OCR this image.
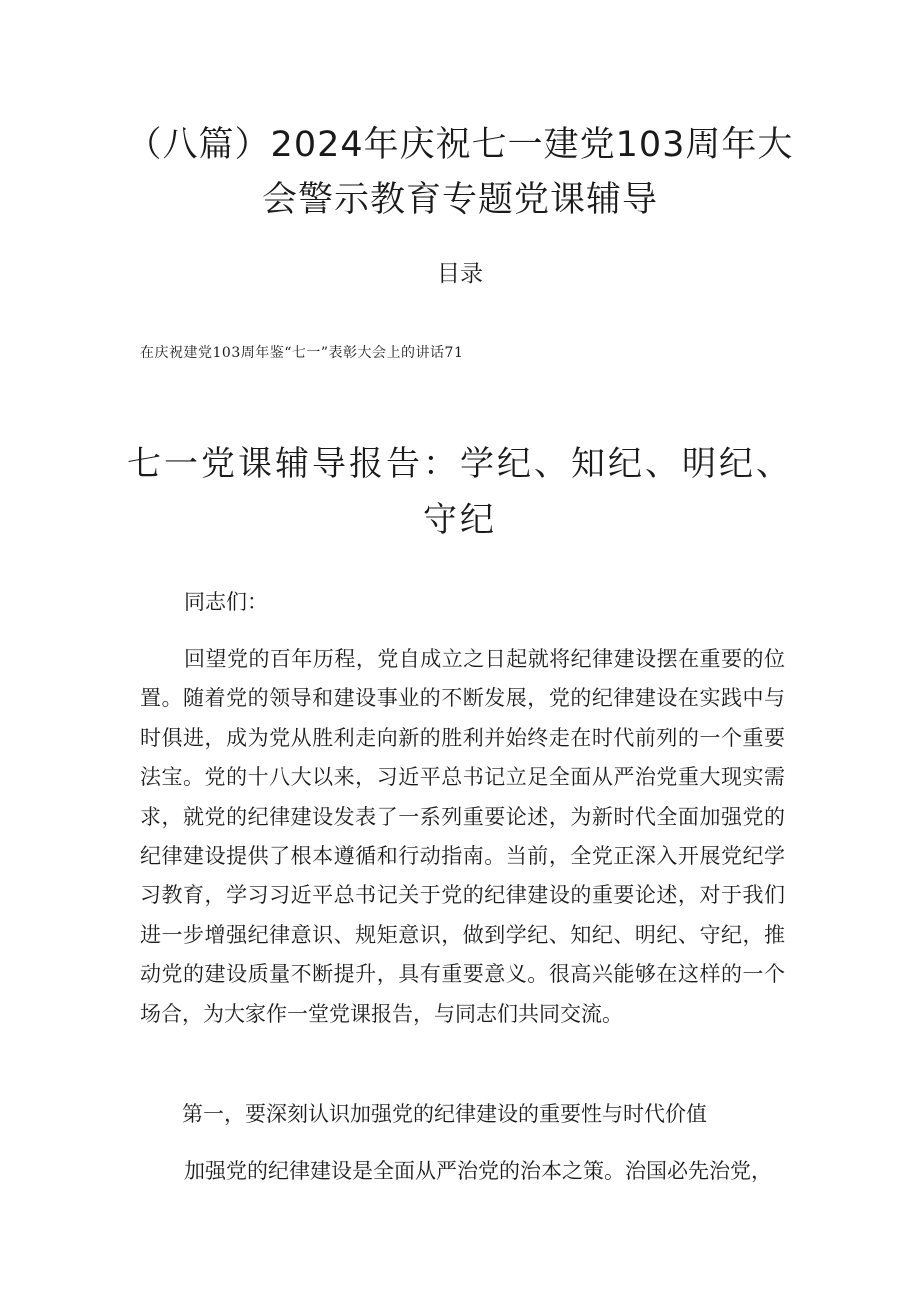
（八篇）2024年庆祝七一建党103周年大会警示教育专题党课辅导
目录
在庆祝建党103周年鉴“七一”表彰大会上的讲话71
七一党课辅导报告：学纪、知纪、明纪、守纪

同志们：

回望党的百年历程，党自成立之日起就将纪律建设摆在重要的位置。随着党的领导和建设事业的不断发展，党的纪律建设在实践中与时俱进，成为党从胜利走向新的胜利并始终走在时代前列的一个重要法宝。党的十八大以来，习近平总书记立足全面从严治党重大现实需求，就党的纪律建设发表了一系列重要论述，为新时代全面加强党的纪律建设提供了根本遵循和行动指南。当前，全党正深入开展党纪学习教育，学习习近平总书记关于党的纪律建设的重要论述，对于我们进一步增强纪律意识、规矩意识，做到学纪、知纪、明纪、守纪，推动党的建设质量不断提升，具有重要意义。很高兴能够在这样的一个场合，为大家作一堂党课报告，与同志们共同交流。

第一，要深刻认识加强党的纪律建设的重要性与时代价值

加强党的纪律建设是全面从严治党的治本之策。治国必先治党，
